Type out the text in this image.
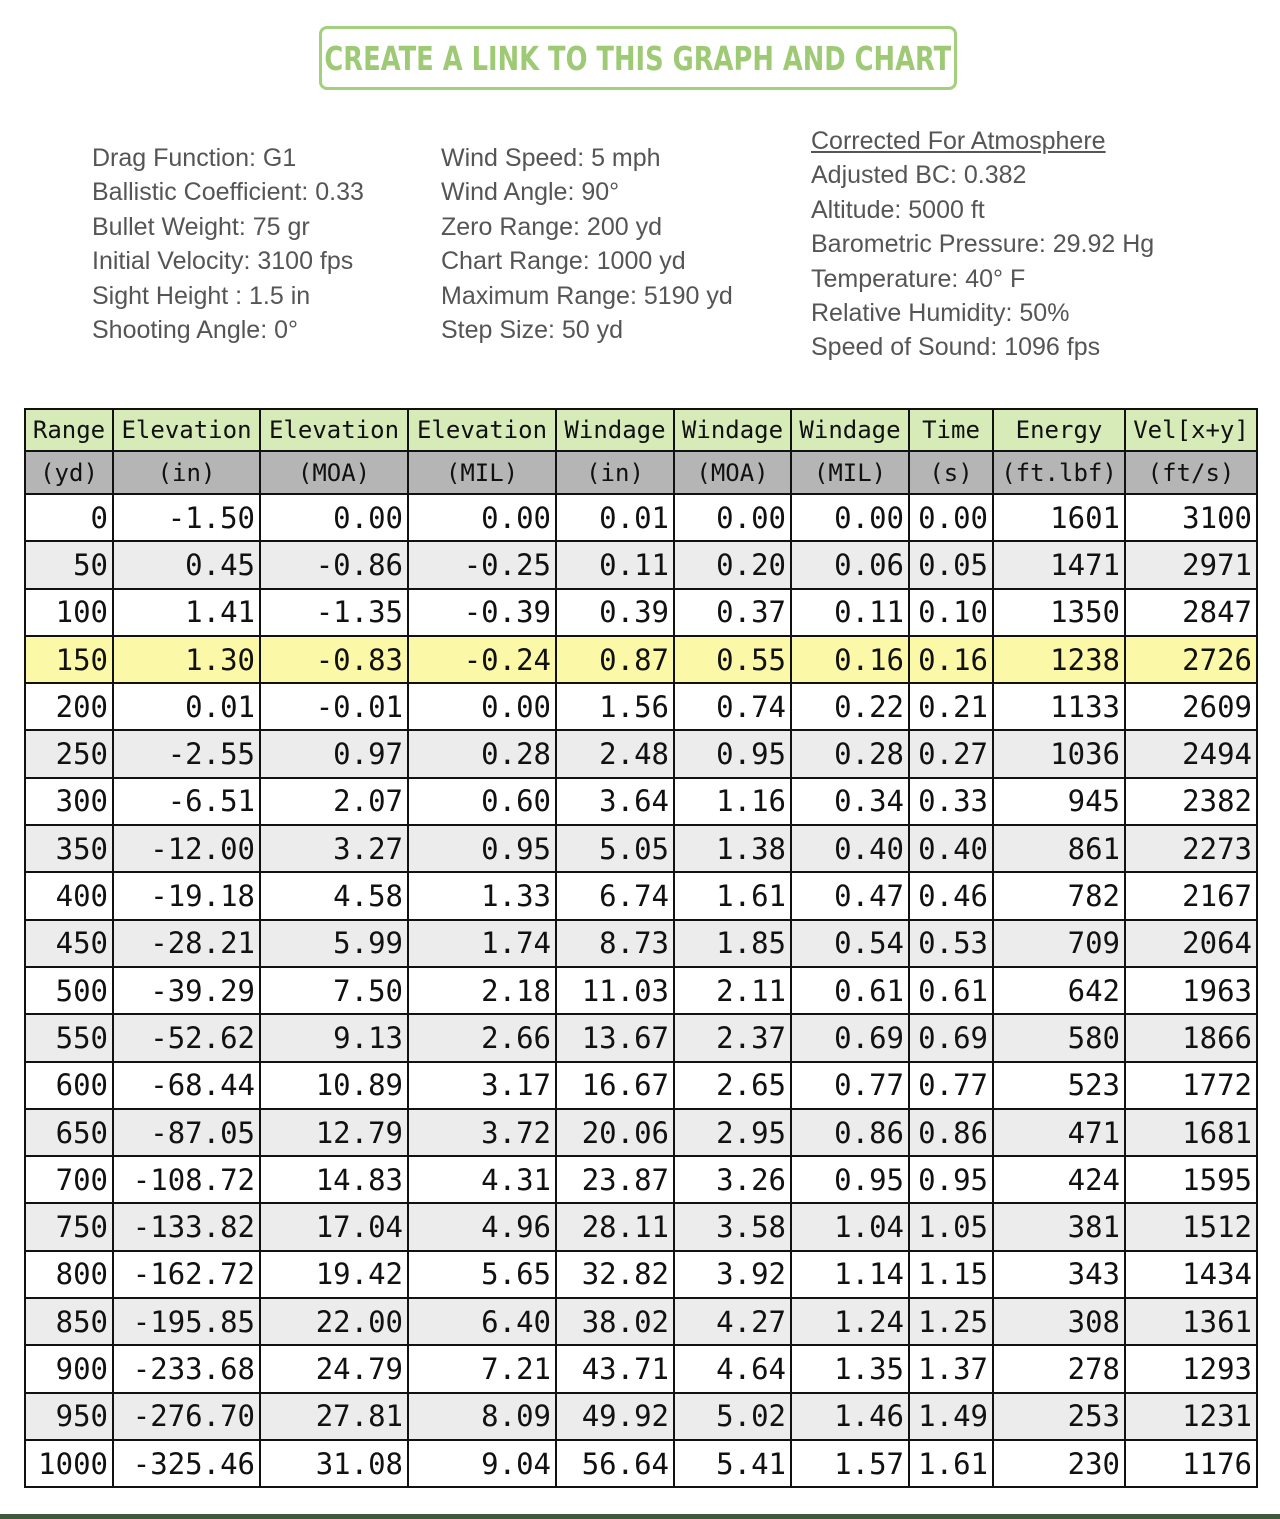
CREATE A LINK TO THIS GRAPH AND CHART
Drag Function: G1
Ballistic Coefficient: 0.33
Bullet Weight: 75 gr
Initial Velocity: 3100 fps
Sight Height : 1.5 in
Shooting Angle: 0°
Wind Speed: 5 mph
Wind Angle: 90°
Zero Range: 200 yd
Chart Range: 1000 yd
Maximum Range: 5190 yd
Step Size: 50 yd
Corrected For Atmosphere
Adjusted BC: 0.382
Altitude: 5000 ft
Barometric Pressure: 29.92 Hg
Temperature: 40° F
Relative Humidity: 50%
Speed of Sound: 1096 fps
Range	Elevation	Elevation	Elevation	Windage	Windage	Windage	Time	Energy	Vel[x+y]
(yd)	(in)	(MOA)	(MIL)	(in)	(MOA)	(MIL)	(s)	(ft.lbf)	(ft/s)
0	-1.50	0.00	0.00	0.01	0.00	0.00	0.00	1601	3100
50	0.45	-0.86	-0.25	0.11	0.20	0.06	0.05	1471	2971
100	1.41	-1.35	-0.39	0.39	0.37	0.11	0.10	1350	2847
150	1.30	-0.83	-0.24	0.87	0.55	0.16	0.16	1238	2726
200	0.01	-0.01	0.00	1.56	0.74	0.22	0.21	1133	2609
250	-2.55	0.97	0.28	2.48	0.95	0.28	0.27	1036	2494
300	-6.51	2.07	0.60	3.64	1.16	0.34	0.33	945	2382
350	-12.00	3.27	0.95	5.05	1.38	0.40	0.40	861	2273
400	-19.18	4.58	1.33	6.74	1.61	0.47	0.46	782	2167
450	-28.21	5.99	1.74	8.73	1.85	0.54	0.53	709	2064
500	-39.29	7.50	2.18	11.03	2.11	0.61	0.61	642	1963
550	-52.62	9.13	2.66	13.67	2.37	0.69	0.69	580	1866
600	-68.44	10.89	3.17	16.67	2.65	0.77	0.77	523	1772
650	-87.05	12.79	3.72	20.06	2.95	0.86	0.86	471	1681
700	-108.72	14.83	4.31	23.87	3.26	0.95	0.95	424	1595
750	-133.82	17.04	4.96	28.11	3.58	1.04	1.05	381	1512
800	-162.72	19.42	5.65	32.82	3.92	1.14	1.15	343	1434
850	-195.85	22.00	6.40	38.02	4.27	1.24	1.25	308	1361
900	-233.68	24.79	7.21	43.71	4.64	1.35	1.37	278	1293
950	-276.70	27.81	8.09	49.92	5.02	1.46	1.49	253	1231
1000	-325.46	31.08	9.04	56.64	5.41	1.57	1.61	230	1176
